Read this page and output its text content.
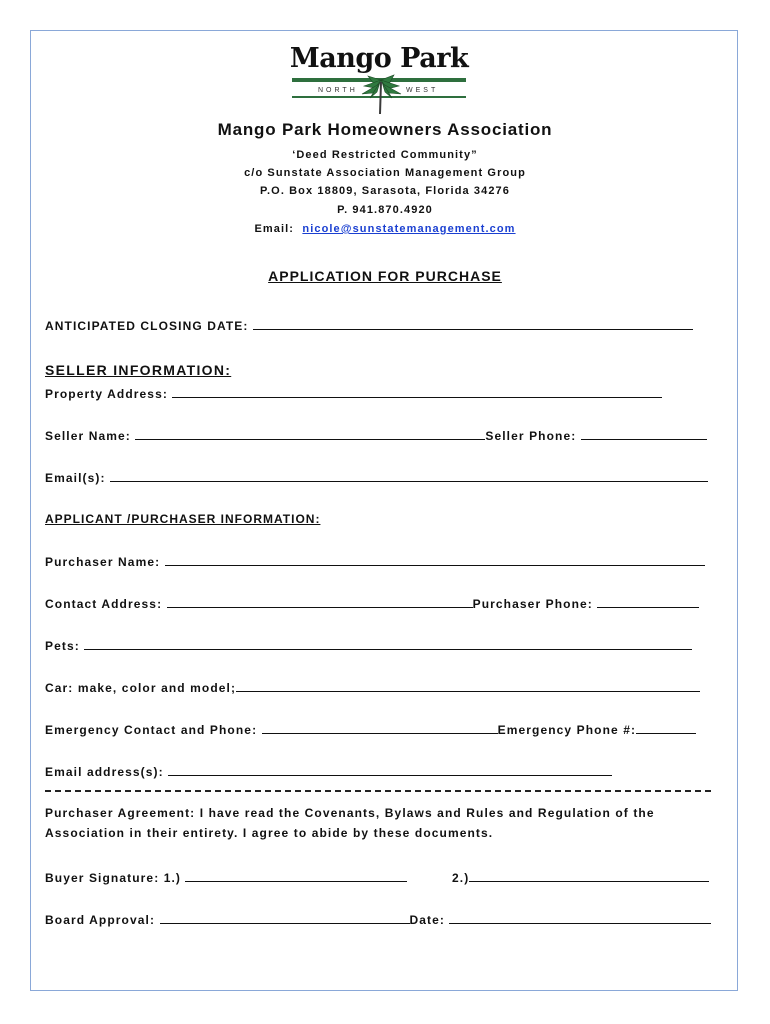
Mango Park
NORTH	WEST
Mango Park Homeowners Association
‘Deed Restricted Community”
c/o Sunstate Association Management Group
P.O. Box 18809, Sarasota, Florida 34276
P. 941.870.4920
Email: nicole@sunstatemanagement.com
APPLICATION FOR PURCHASE
ANTICIPATED CLOSING DATE:
SELLER INFORMATION:
Property Address:
Seller Name:	Seller Phone:
Email(s):
APPLICANT /PURCHASER INFORMATION:
Purchaser Name:
Contact Address:	Purchaser Phone:
Pets:
Car: make, color and model;
Emergency Contact and Phone:	Emergency Phone #:
Email address(s):
Purchaser Agreement: I have read the Covenants, Bylaws and Rules and Regulation of the
Association in their entirety. I agree to abide by these documents.
Buyer Signature: 1.)	2.)
Board Approval:	Date:
